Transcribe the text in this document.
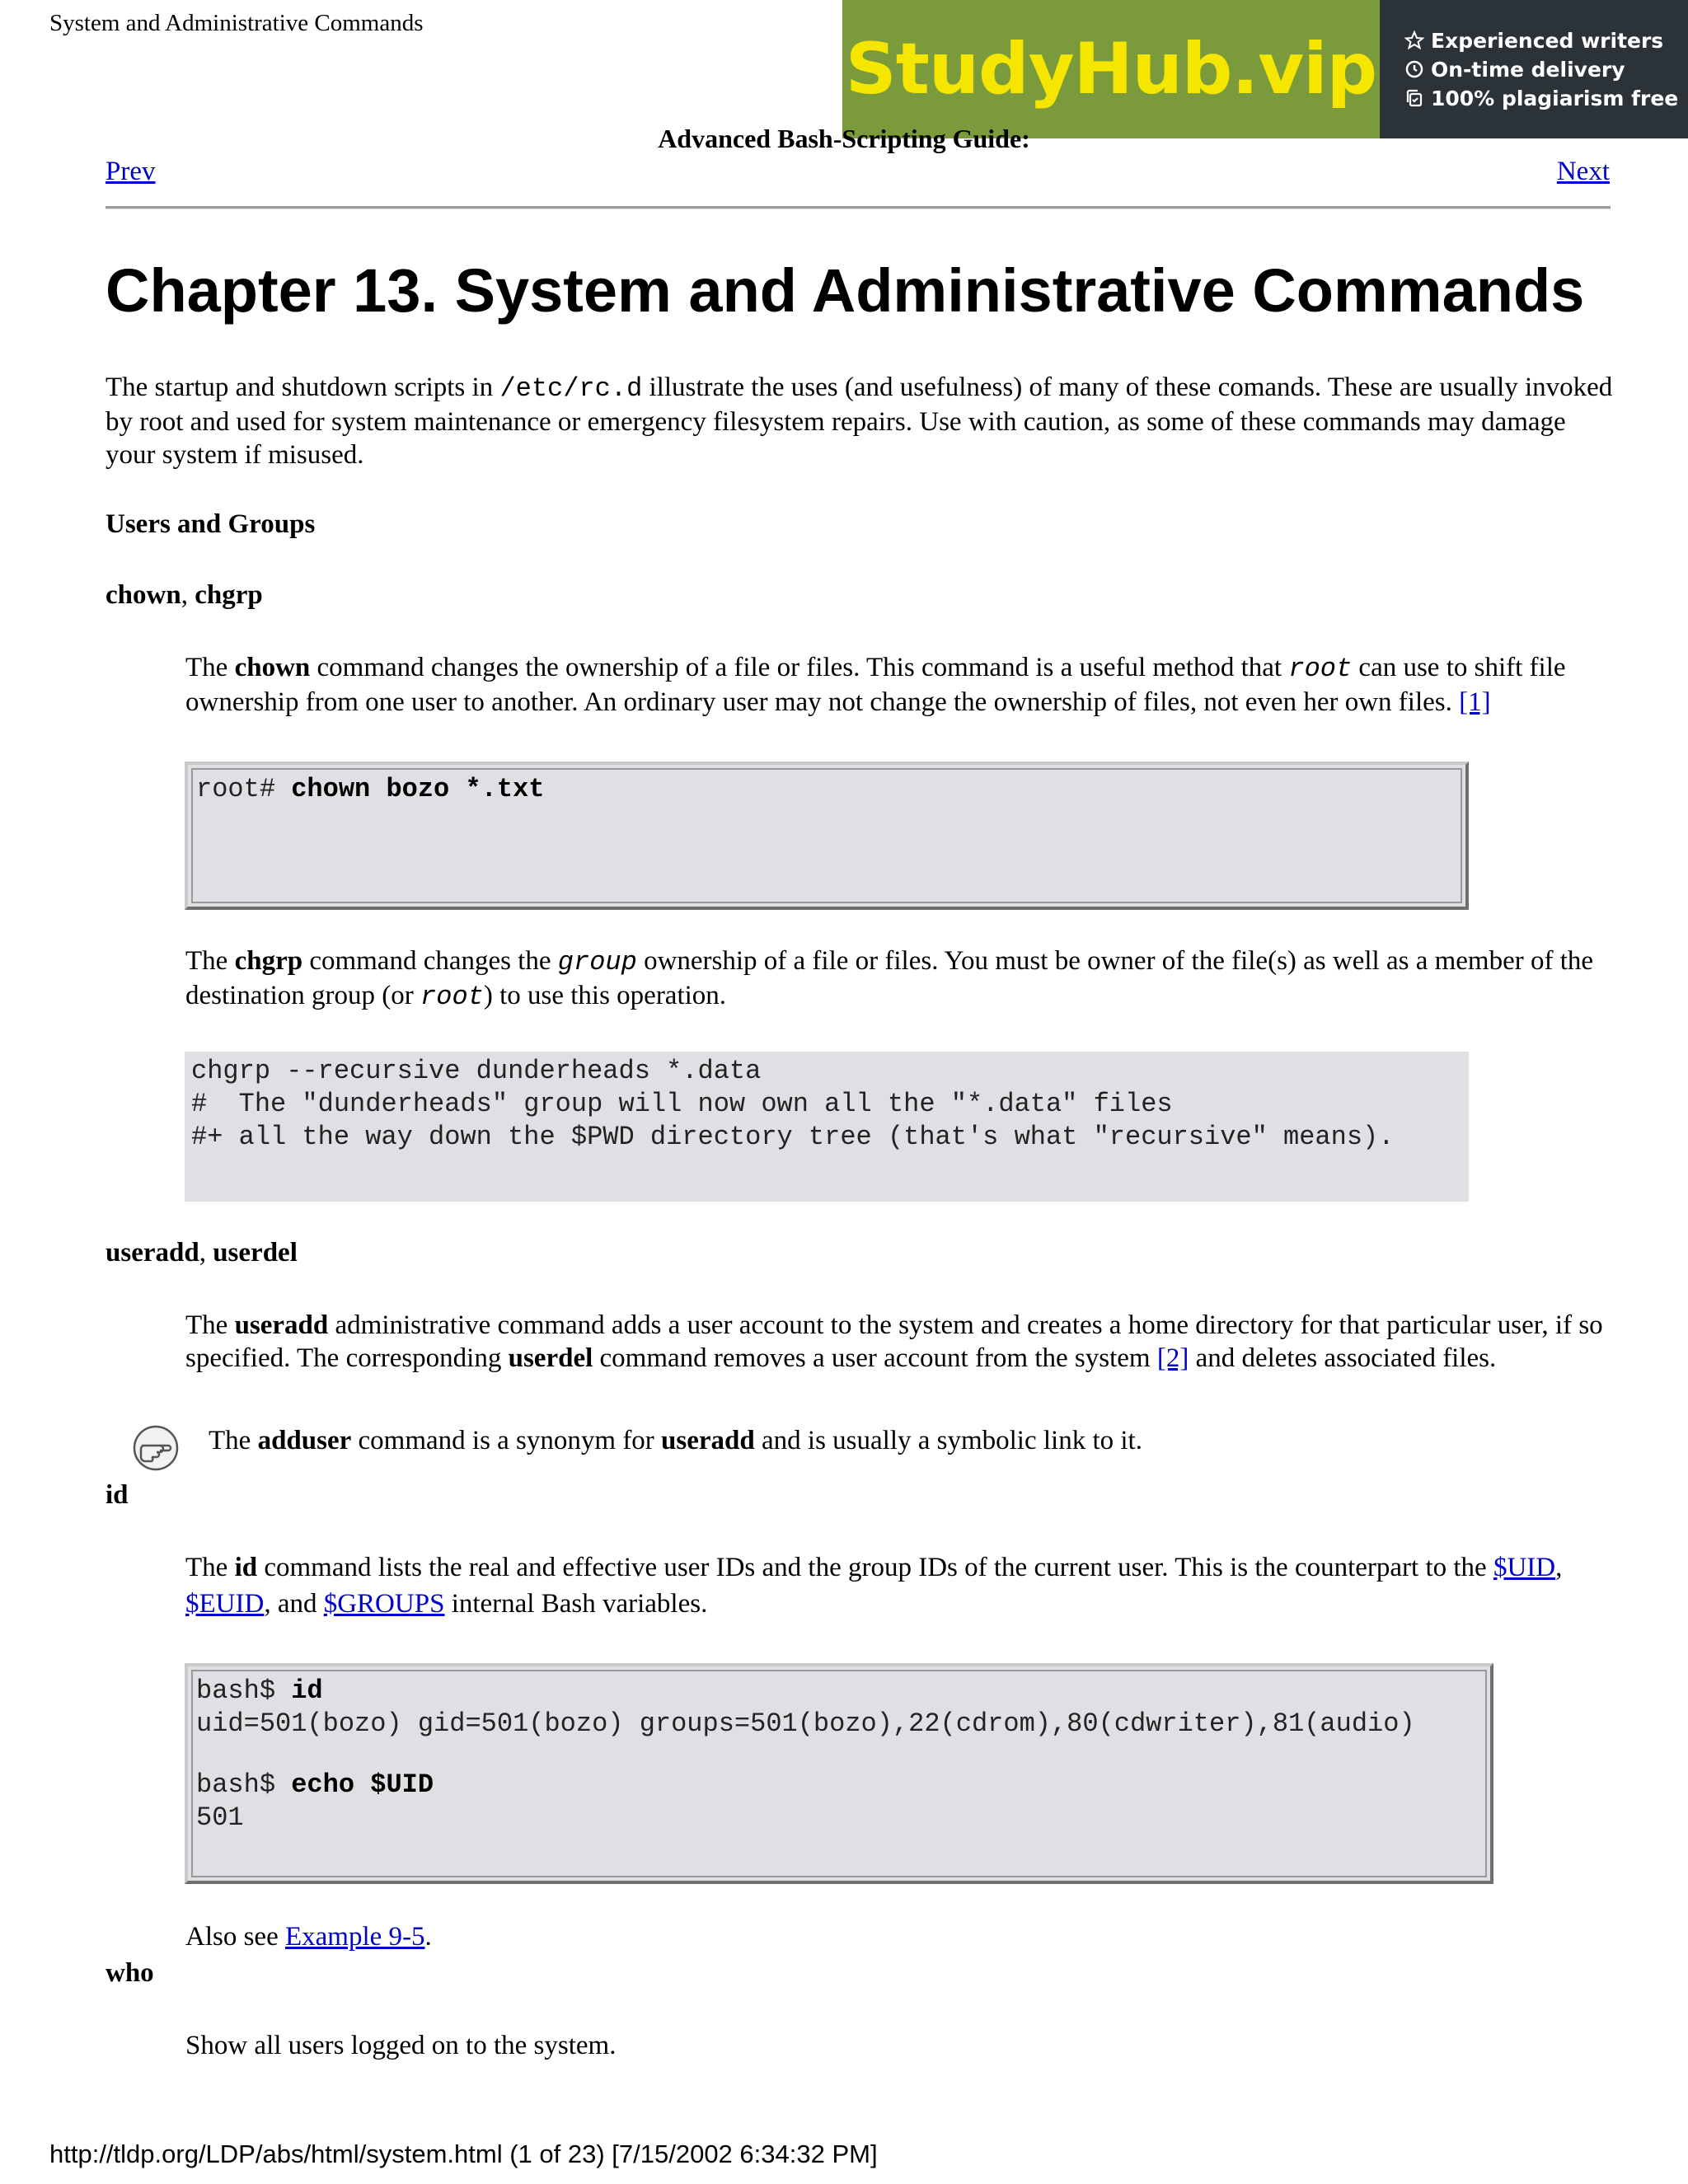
System and Administrative Commands
StudyHub.vip	Experienced writers
On-time delivery
100% plagiarism free
Advanced Bash-Scripting Guide:
Prev	Next
Chapter 13. System and Administrative Commands
The startup and shutdown scripts in /etc/rc.d illustrate the uses (and usefulness) of many of these comands. These are usually invoked by root and used for system maintenance or emergency filesystem repairs. Use with caution, as some of these commands may damage your system if misused.
Users and Groups
chown, chgrp
The chown command changes the ownership of a file or files. This command is a useful method that root can use to shift file ownership from one user to another. An ordinary user may not change the ownership of files, not even her own files. [1]
root# chown bozo *.txt
The chgrp command changes the group ownership of a file or files. You must be owner of the file(s) as well as a member of the destination group (or root) to use this operation.
chgrp --recursive dunderheads *.data
#  The "dunderheads" group will now own all the "*.data" files
#+ all the way down the $PWD directory tree (that's what "recursive" means).
useradd, userdel
The useradd administrative command adds a user account to the system and creates a home directory for that particular user, if so specified. The corresponding userdel command removes a user account from the system [2] and deletes associated files.
The adduser command is a synonym for useradd and is usually a symbolic link to it.
id
The id command lists the real and effective user IDs and the group IDs of the current user. This is the counterpart to the $UID, $EUID, and $GROUPS internal Bash variables.
bash$ id
uid=501(bozo) gid=501(bozo) groups=501(bozo),22(cdrom),80(cdwriter),81(audio)
bash$ echo $UID
501
Also see Example 9-5.
who
Show all users logged on to the system.
http://tldp.org/LDP/abs/html/system.html (1 of 23) [7/15/2002 6:34:32 PM]
